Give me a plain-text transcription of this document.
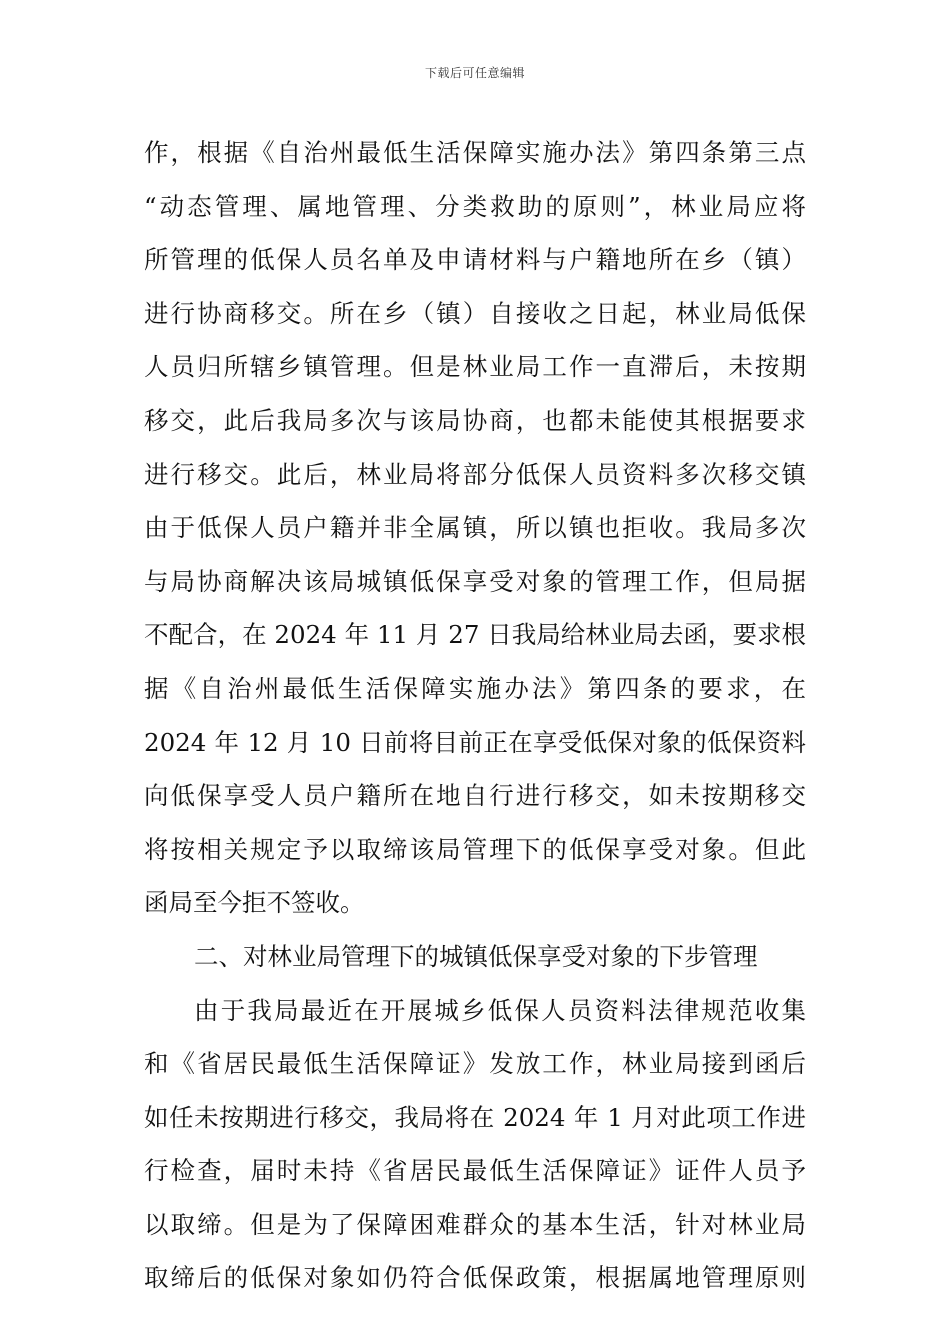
下载后可任意编辑
作，根据《自治州最低生活保障实施办法》第四条第三点
“动态管理、属地管理、分类救助的原则”，林业局应将
所管理的低保人员名单及申请材料与户籍地所在乡（镇）
进行协商移交。所在乡（镇）自接收之日起，林业局低保
人员归所辖乡镇管理。但是林业局工作一直滞后，未按期
移交，此后我局多次与该局协商，也都未能使其根据要求
进行移交。此后，林业局将部分低保人员资料多次移交镇
由于低保人员户籍并非全属镇，所以镇也拒收。我局多次
与局协商解决该局城镇低保享受对象的管理工作，但局据
不配合，在 2024 年 11 月 27 日我局给林业局去函，要求根
据《自治州最低生活保障实施办法》第四条的要求，在
2024 年 12 月 10 日前将目前正在享受低保对象的低保资料
向低保享受人员户籍所在地自行进行移交，如未按期移交
将按相关规定予以取缔该局管理下的低保享受对象。但此
函局至今拒不签收。
二、对林业局管理下的城镇低保享受对象的下步管理
由于我局最近在开展城乡低保人员资料法律规范收集
和《省居民最低生活保障证》发放工作，林业局接到函后
如任未按期进行移交，我局将在 2024 年 1 月对此项工作进
行检查，届时未持《省居民最低生活保障证》证件人员予
以取缔。但是为了保障困难群众的基本生活，针对林业局
取缔后的低保对象如仍符合低保政策，根据属地管理原则
